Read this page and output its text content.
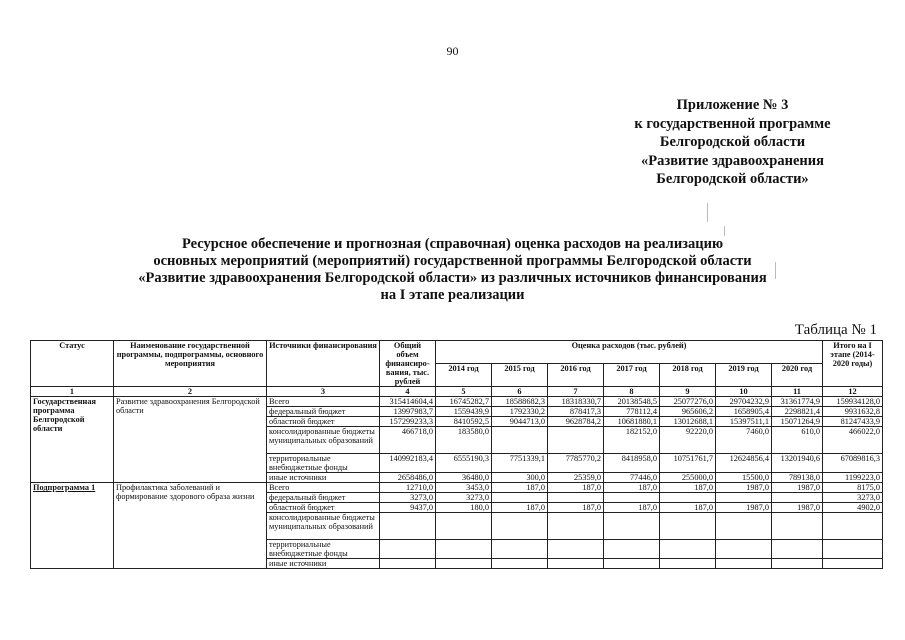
90
Приложение № 3
к государственной программе
Белгородской области
«Развитие здравоохранения
Белгородской области»
Ресурсное обеспечение и прогнозная (справочная) оценка расходов на реализацию
основных мероприятий (мероприятий) государственной программы Белгородской области
«Развитие здравоохранения Белгородской области» из различных источников финансирования
на I этапе реализации
Таблица № 1
Статус	Наименование государственной программы, подпрограммы, основного мероприятия	Источники финансирования	Общий объем финансиро-вания, тыс. рублей	Оценка расходов (тыс. рублей)							Итого на I этапе (2014-2020 годы)
				2014 год	2015 год	2016 год	2017 год	2018 год	2019 год	2020 год	
1	2	3	4	5	6	7	8	9	10	11	12
Государственная программа Белгородской области	Развитие здравоохранения Белгородской области	Всего	315414604,4	16745282,7	18588682,3	18318330,7	20138548,5	25077276,0	29704232,9	31361774,9	159934128,0
		федеральный бюджет	13997983,7	1559439,9	1792330,2	878417,3	778112,4	965606,2	1658905,4	2298821,4	9931632,8
		областной бюджет	157299233,3	8410592,5	9044713,0	9628784,2	10681880,1	13012688,1	15397511,1	15071264,9	81247433,9
		консолидированные бюджеты муниципальных образований	466718,0	183580,0			182152,0	92220,0	7460,0	610,0	466022,0
		территориальные внебюджетные фонды	140992183,4	6555190,3	7751339,1	7785770,2	8418958,0	10751761,7	12624856,4	13201940,6	67089816,3
		иные источники	2658486,0	36480,0	300,0	25359,0	77446,0	255000,0	15500,0	789138,0	1199223,0
Подпрограмма 1	Профилактика заболеваний и формирование здорового образа жизни	Всего	12710,0	3453,0	187,0	187,0	187,0	187,0	1987,0	1987,0	8175,0
		федеральный бюджет	3273,0	3273,0							3273,0
		областной бюджет	9437,0	180,0	187,0	187,0	187,0	187,0	1987,0	1987,0	4902,0
		консолидированные бюджеты муниципальных образований									
		территориальные внебюджетные фонды									
		иные источники									
